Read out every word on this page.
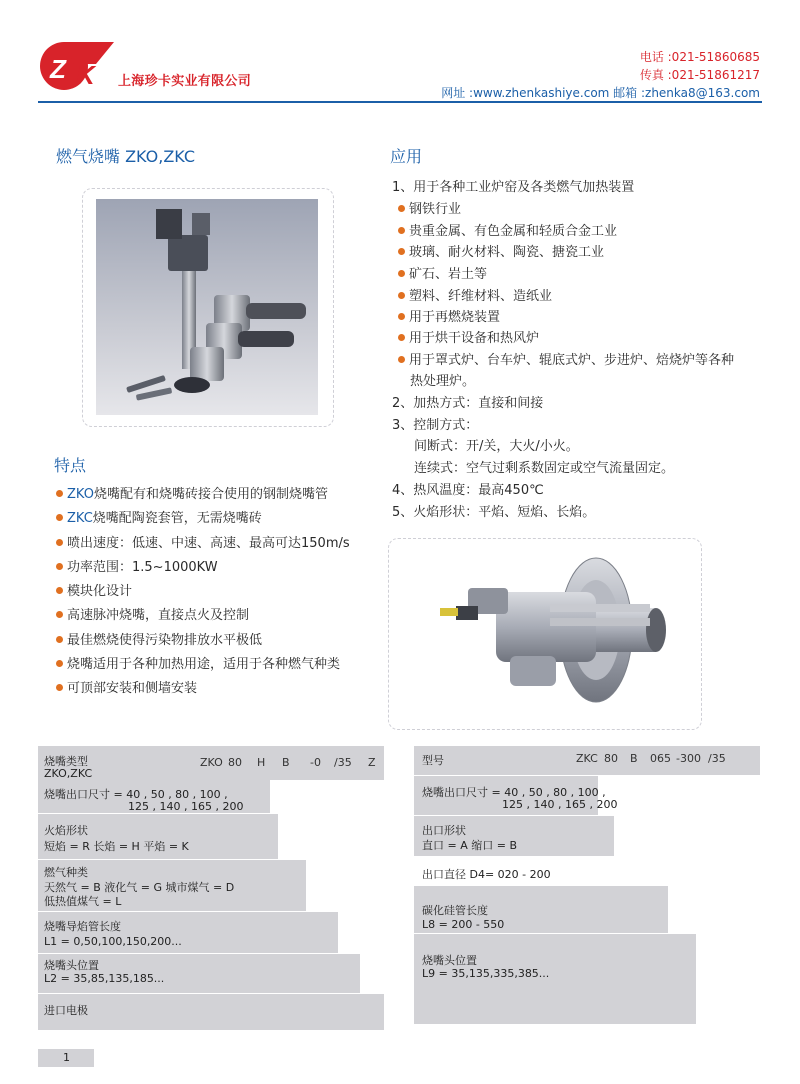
Z K 上海珍卡实业有限公司
电话 :021-51860685
传真 :021-51861217
网址 :www.zhenkashiye.com 邮箱 :zhenka8@163.com
燃气烧嘴 ZKO,ZKC	应用
1、用于各种工业炉窑及各类燃气加热装置
钢铁行业
贵重金属、有色金属和轻质合金工业
玻璃、耐火材料、陶瓷、搪瓷工业
矿石、岩土等
塑料、纤维材料、造纸业
用于再燃烧装置
用于烘干设备和热风炉
用于罩式炉、台车炉、辊底式炉、步进炉、焙烧炉等各种
热处理炉。
2、加热方式：直接和间接
3、控制方式：
间断式：开/关，大火/小火。
连续式：空气过剩系数固定或空气流量固定。
4、热风温度：最高450℃
5、火焰形状：平焰、短焰、长焰。
特点
ZKO烧嘴配有和烧嘴砖接合使用的钢制烧嘴管
ZKC烧嘴配陶瓷套管，无需烧嘴砖
喷出速度：低速、中速、高速、最高可达150m/s
功率范围：1.5~1000KW
模块化设计
高速脉冲烧嘴，直接点火及控制
最佳燃烧使得污染物排放水平极低
烧嘴适用于各种加热用途，适用于各种燃气种类
可顶部安装和侧墙安装
烧嘴类型
ZKO,ZKC
ZKO 80 H B -0 /35 Z
烧嘴出口尺寸 = 40 , 50 , 80 , 100 ,
125 , 140 , 165 , 200
火焰形状
短焰 = R 长焰 = H 平焰 = K
燃气种类
天然气 = B 液化气 = G 城市煤气 = D
低热值煤气 = L
烧嘴导焰管长度
L1 = 0,50,100,150,200...
烧嘴头位置
L2 = 35,85,135,185...
进口电极
型号	ZKC 80 B 065 -300 /35
烧嘴出口尺寸 = 40 , 50 , 80 , 100 ,
125 , 140 , 165 , 200
出口形状
直口 = A 缩口 = B
出口直径 D4= 020 - 200
碳化硅管长度
L8 = 200 - 550
烧嘴头位置
L9 = 35,135,335,385...
1
